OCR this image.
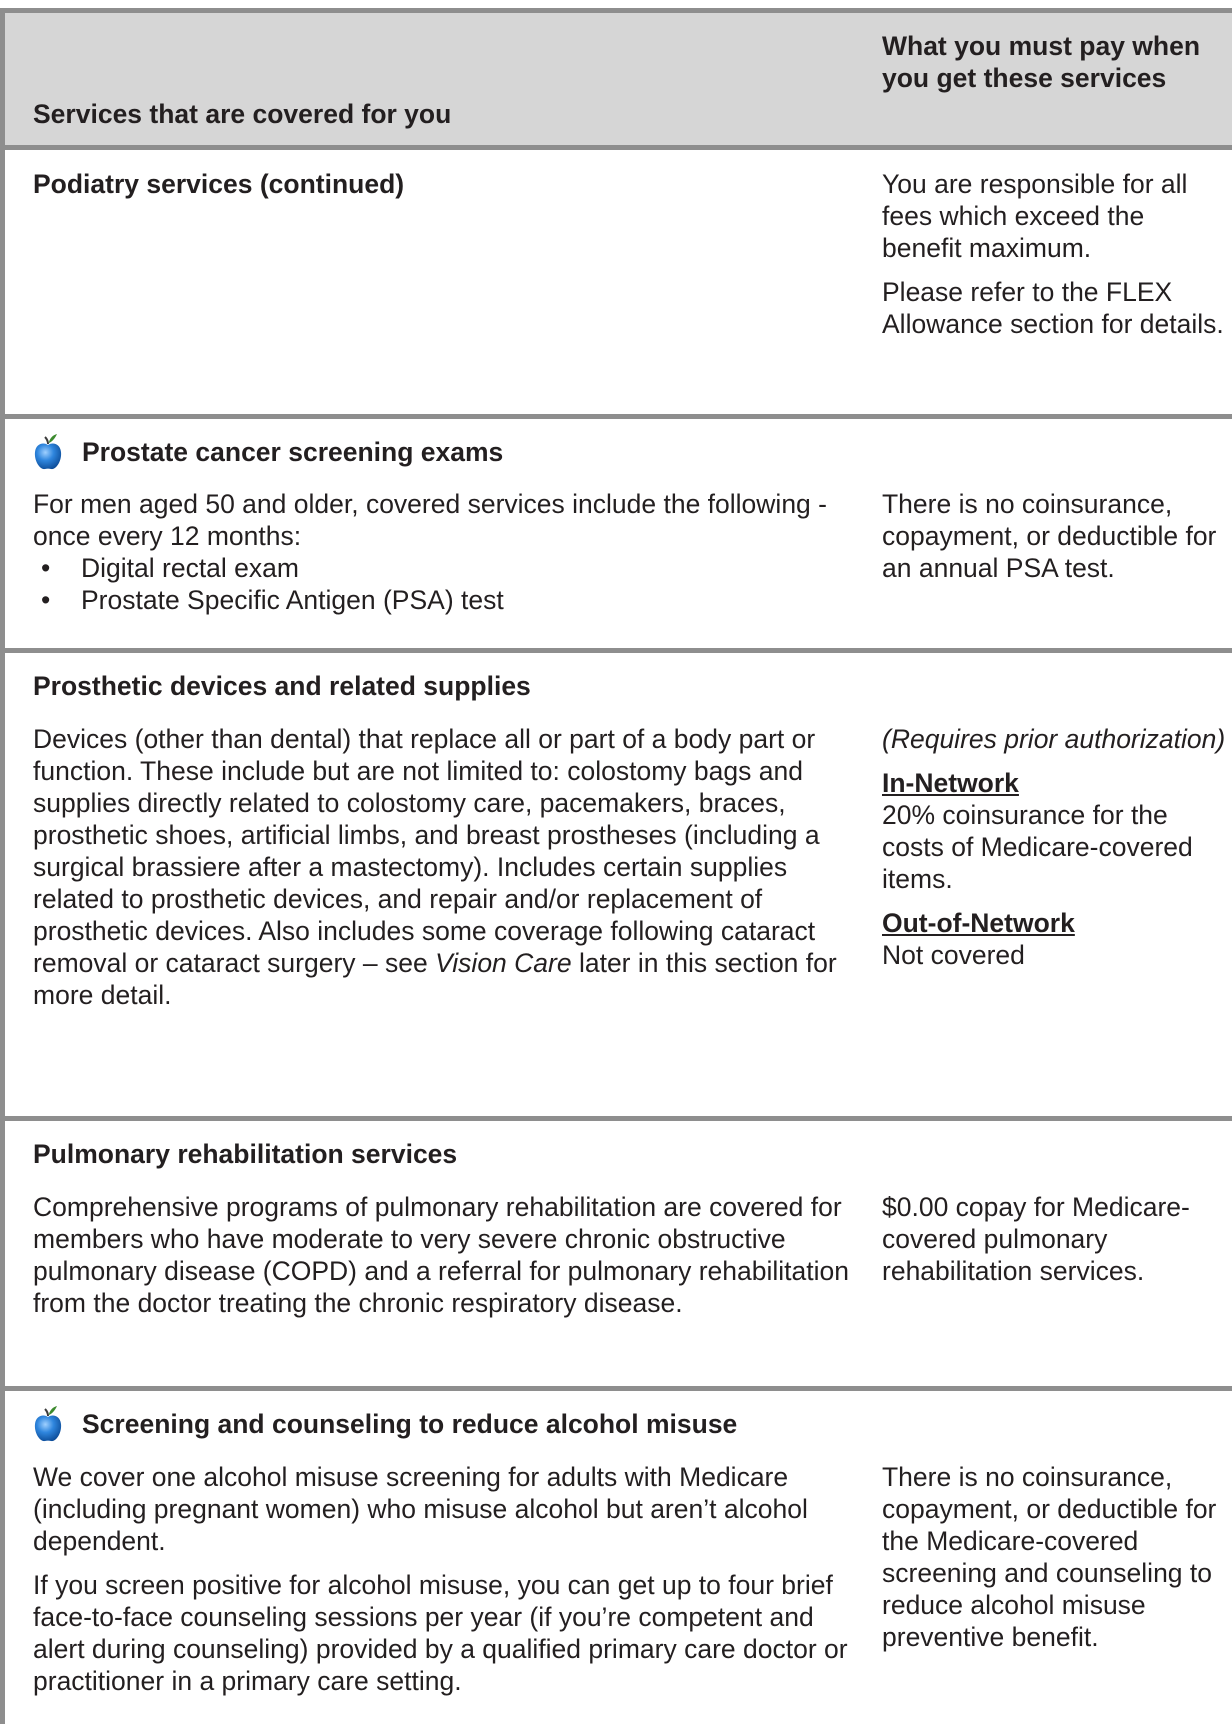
Services that are covered for you
What you must pay when you get these services
Podiatry services (continued)	You are responsible for all fees which exceed the benefit maximum.

Please refer to the FLEX Allowance section for details.

Prostate cancer screening exams

For men aged 50 and older, covered services include the following - once every 12 months:

• Digital rectal exam
• Prostate Specific Antigen (PSA) test
There is no coinsurance, copayment, or deductible for an annual PSA test.
Prosthetic devices and related supplies
Devices (other than dental) that replace all or part of a body part or function. These include but are not limited to: colostomy bags and supplies directly related to colostomy care, pacemakers, braces, prosthetic shoes, artificial limbs, and breast prostheses (including a surgical brassiere after a mastectomy). Includes certain supplies related to prosthetic devices, and repair and/or replacement of prosthetic devices. Also includes some coverage following cataract removal or cataract surgery – see Vision Care later in this section for more detail.

(Requires prior authorization)

In-Network

20% coinsurance for the costs of Medicare-covered items.

Out-of-Network

Not covered

Pulmonary rehabilitation services
Comprehensive programs of pulmonary rehabilitation are covered for members who have moderate to very severe chronic obstructive pulmonary disease (COPD) and a referral for pulmonary rehabilitation from the doctor treating the chronic respiratory disease.
$0.00 copay for Medicare-covered pulmonary rehabilitation services.
Screening and counseling to reduce alcohol misuse

We cover one alcohol misuse screening for adults with Medicare (including pregnant women) who misuse alcohol but aren’t alcohol dependent.

If you screen positive for alcohol misuse, you can get up to four brief face-to-face counseling sessions per year (if you’re competent and alert during counseling) provided by a qualified primary care doctor or practitioner in a primary care setting.

There is no coinsurance, copayment, or deductible for the Medicare-covered screening and counseling to reduce alcohol misuse preventive benefit.
